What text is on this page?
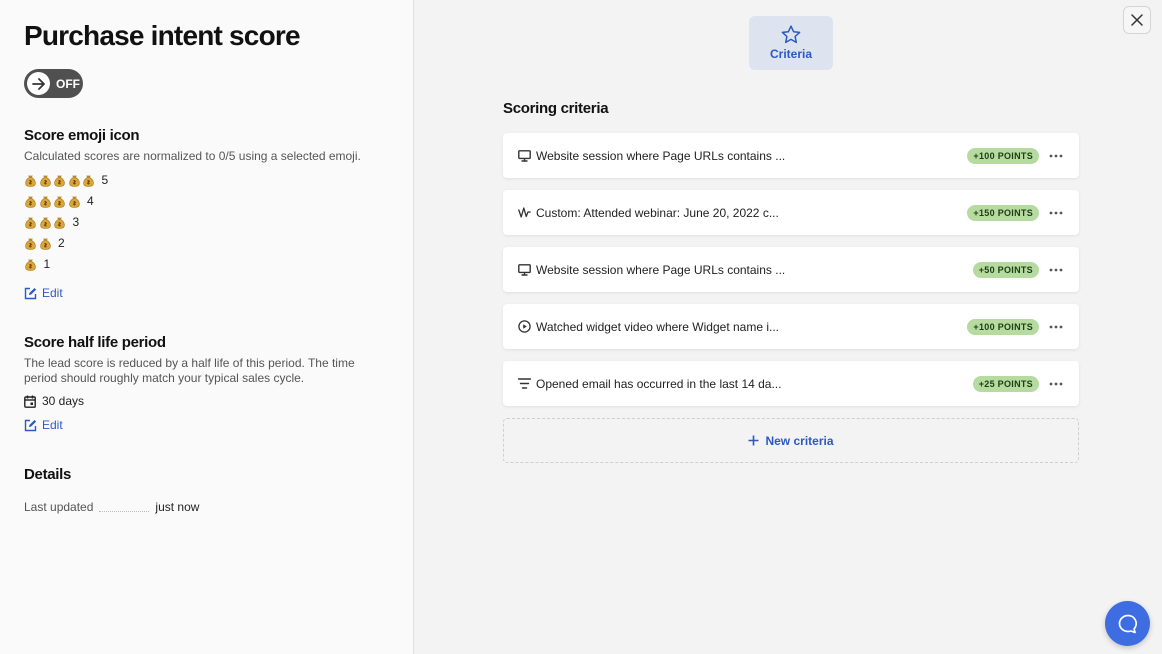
Purchase intent score
OFF
Score emoji icon

Calculated scores are normalized to 0/5 using a selected emoji.

5
4
3
2
1
Edit
Score half life period

The lead score is reduced by a half life of this period. The time period should roughly match your typical sales cycle.

30 days
Edit
Details
Last updated	just now
Criteria
Scoring criteria
Website session where Page URLs contains ...	+100 POINTS
Custom: Attended webinar: June 20, 2022 c...	+150 POINTS
Website session where Page URLs contains ...	+50 POINTS
Watched widget video where Widget name i...	+100 POINTS
Opened email has occurred in the last 14 da...	+25 POINTS
New criteria
